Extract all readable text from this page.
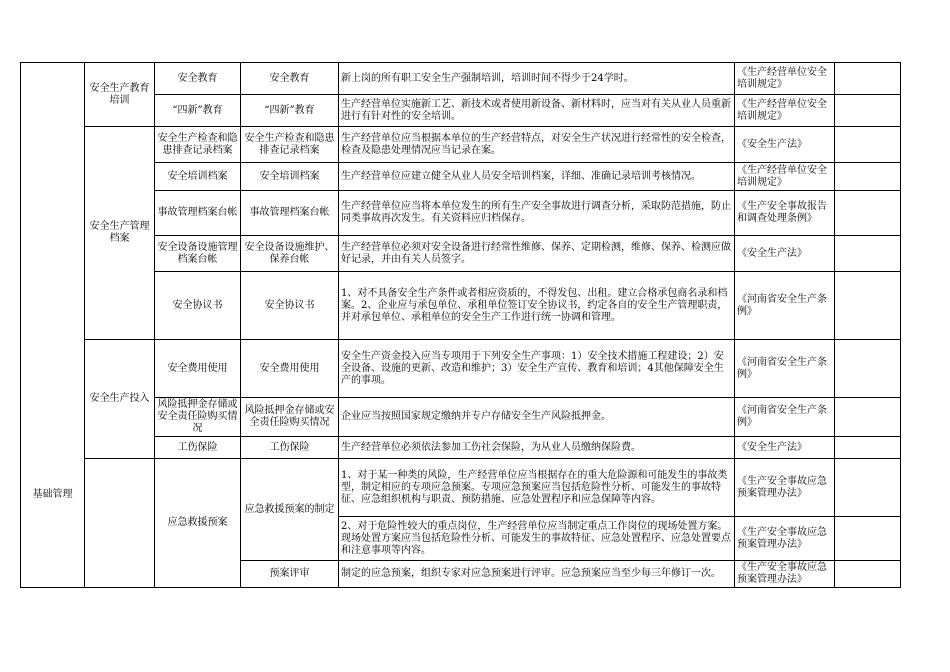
基础管理	安全生产教育培训	安全教育	安全教育	新上岗的所有职工安全生产强制培训，培训时间不得少于24学时。	《生产经营单位安全培训规定》	
		“四新”教育	“四新”教育	生产经营单位实施新工艺、新技术或者使用新设备、新材料时，应当对有关从业人员重新进行有针对性的安全培训。	《生产经营单位安全培训规定》	

	安全生产管理档案	安全生产检查和隐患排查记录档案	安全生产检查和隐患排查记录档案	生产经营单位应当根据本单位的生产经营特点，对安全生产状况进行经常性的安全检查，检查及隐患处理情况应当记录在案。	《安全生产法》	
		安全培训档案	安全培训档案	生产经营单位应建立健全从业人员安全培训档案，详细、准确记录培训考核情况。	《生产经营单位安全培训规定》	
		事故管理档案台帐	事故管理档案台帐	生产经营单位应当将本单位发生的所有生产安全事故进行调查分析，采取防范措施，防止同类事故再次发生。有关资料应归档保存。	《生产安全事故报告和调查处理条例》	
		安全设备设施管理档案台帐	安全设备设施维护、保养台帐	生产经营单位必须对安全设备进行经常性维修、保养、定期检测，维修、保养、检测应做好记录，并由有关人员签字。	《安全生产法》	
		安全协议书	安全协议书	1、对不具备安全生产条件或者相应资质的，不得发包、出租。建立合格承包商名录和档案。2、企业应与承包单位、承租单位签订安全协议书，约定各自的安全生产管理职责，并对承包单位、承租单位的安全生产工作进行统一协调和管理。	《河南省安全生产条例》	

	安全生产投入	安全费用使用	安全费用使用	安全生产资金投入应当专项用于下列安全生产事项：1）安全技术措施工程建设；2）安全设备、设施的更新、改造和维护；3）安全生产宣传、教育和培训；4其他保障安全生产的事项。	《河南省安全生产条例》	
		风险抵押金存储或安全责任险购买情况	风险抵押金存储或安全责任险购买情况	企业应当按照国家规定缴纳并专户存储安全生产风险抵押金。	《河南省安全生产条例》	
		工伤保险	工伤保险	生产经营单位必须依法参加工伤社会保险，为从业人员缴纳保险费。	《安全生产法》	

		应急救援预案	应急救援预案的制定	1、对于某一种类的风险，生产经营单位应当根据存在的重大危险源和可能发生的事故类型，制定相应的专项应急预案。专项应急预案应当包括危险性分析、可能发生的事故特征、应急组织机构与职责、预防措施、应急处置程序和应急保障等内容。	《生产安全事故应急预案管理办法》	
				2、对于危险性较大的重点岗位，生产经营单位应当制定重点工作岗位的现场处置方案。现场处置方案应当包括危险性分析、可能发生的事故特征、应急处置程序、应急处置要点和注意事项等内容。	《生产安全事故应急预案管理办法》	
			预案评审	制定的应急预案，组织专家对应急预案进行评审。应急预案应当至少每三年修订一次。	《生产安全事故应急预案管理办法》	
